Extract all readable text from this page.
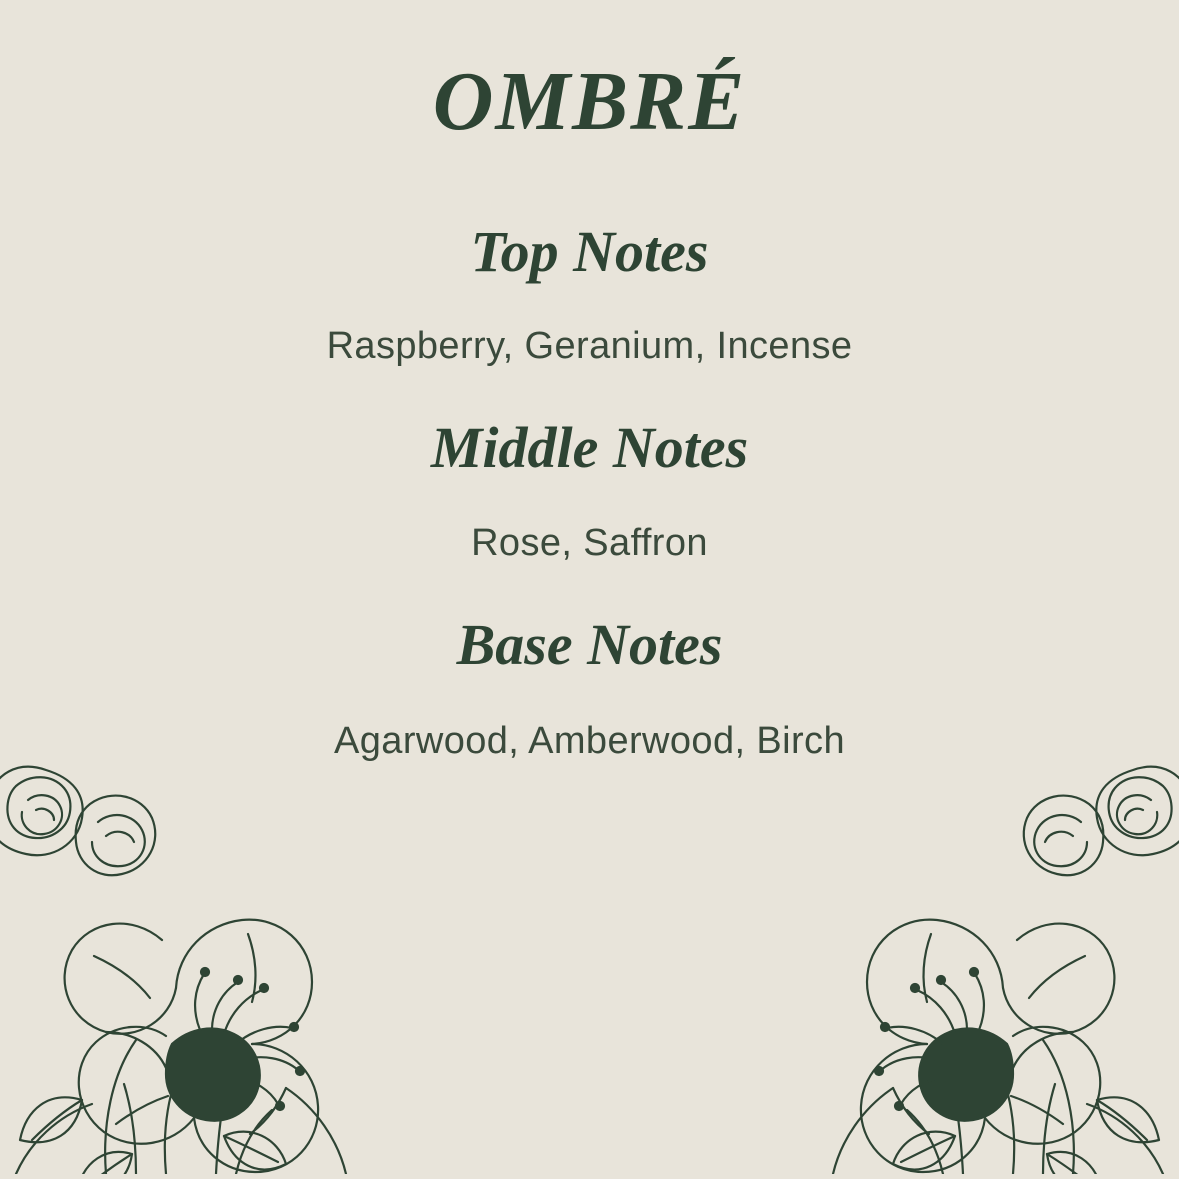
OMBRÉ
Top Notes

Raspberry, Geranium, Incense

Middle Notes

Rose, Saffron

Base Notes

Agarwood, Amberwood, Birch
